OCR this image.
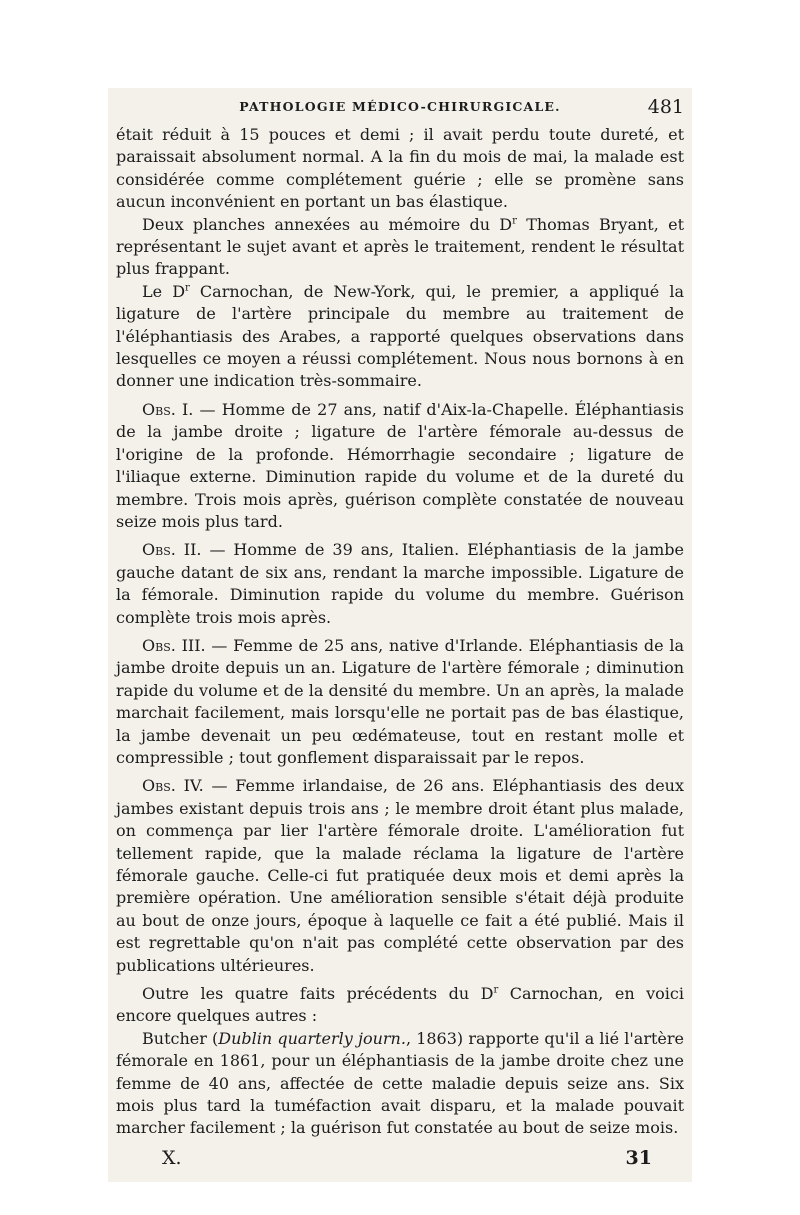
PATHOLOGIE MÉDICO-CHIRURGICALE.	481

était réduit à 15 pouces et demi ; il avait perdu toute dureté, et paraissait absolument normal. A la fin du mois de mai, la malade est considérée comme complétement guérie ; elle se promène sans aucun inconvénient en portant un bas élastique.

Deux planches annexées au mémoire du $D^r$ Thomas Bryant, et représentant le sujet avant et après le traitement, rendent le résultat plus frappant.

Le $D^r$ Carnochan, de New-York, qui, le premier, a appliqué la ligature de l'artère principale du membre au traitement de l'éléphantiasis des Arabes, a rapporté quelques observations dans lesquelles ce moyen a réussi complétement. Nous nous bornons à en donner une indication très-sommaire.

Obs. I. — Homme de 27 ans, natif d'Aix-la-Chapelle. Éléphantiasis de la jambe droite ; ligature de l'artère fémorale au-dessus de l'origine de la profonde. Hémorrhagie secondaire ; ligature de l'iliaque externe. Diminution rapide du volume et de la dureté du membre. Trois mois après, guérison complète constatée de nouveau seize mois plus tard.

Obs. II. — Homme de 39 ans, Italien. Eléphantiasis de la jambe gauche datant de six ans, rendant la marche impossible. Ligature de la fémorale. Diminution rapide du volume du membre. Guérison complète trois mois après.

Obs. III. — Femme de 25 ans, native d'Irlande. Eléphantiasis de la jambe droite depuis un an. Ligature de l'artère fémorale ; diminution rapide du volume et de la densité du membre. Un an après, la malade marchait facilement, mais lorsqu'elle ne portait pas de bas élastique, la jambe devenait un peu œdémateuse, tout en restant molle et compressible ; tout gonflement disparaissait par le repos.

Obs. IV. — Femme irlandaise, de 26 ans. Eléphantiasis des deux jambes existant depuis trois ans ; le membre droit étant plus malade, on commença par lier l'artère fémorale droite. L'amélioration fut tellement rapide, que la malade réclama la ligature de l'artère fémorale gauche. Celle-ci fut pratiquée deux mois et demi après la première opération. Une amélioration sensible s'était déjà produite au bout de onze jours, époque à laquelle ce fait a été publié. Mais il est regrettable qu'on n'ait pas complété cette observation par des publications ultérieures.

Outre les quatre faits précédents du $D^r$ Carnochan, en voici encore quelques autres :

Butcher (Dublin quarterly journ., 1863) rapporte qu'il a lié l'artère fémorale en 1861, pour un éléphantiasis de la jambe droite chez une femme de 40 ans, affectée de cette maladie depuis seize ans. Six mois plus tard la tuméfaction avait disparu, et la malade pouvait marcher facilement ; la guérison fut constatée au bout de seize mois.

X.	31
